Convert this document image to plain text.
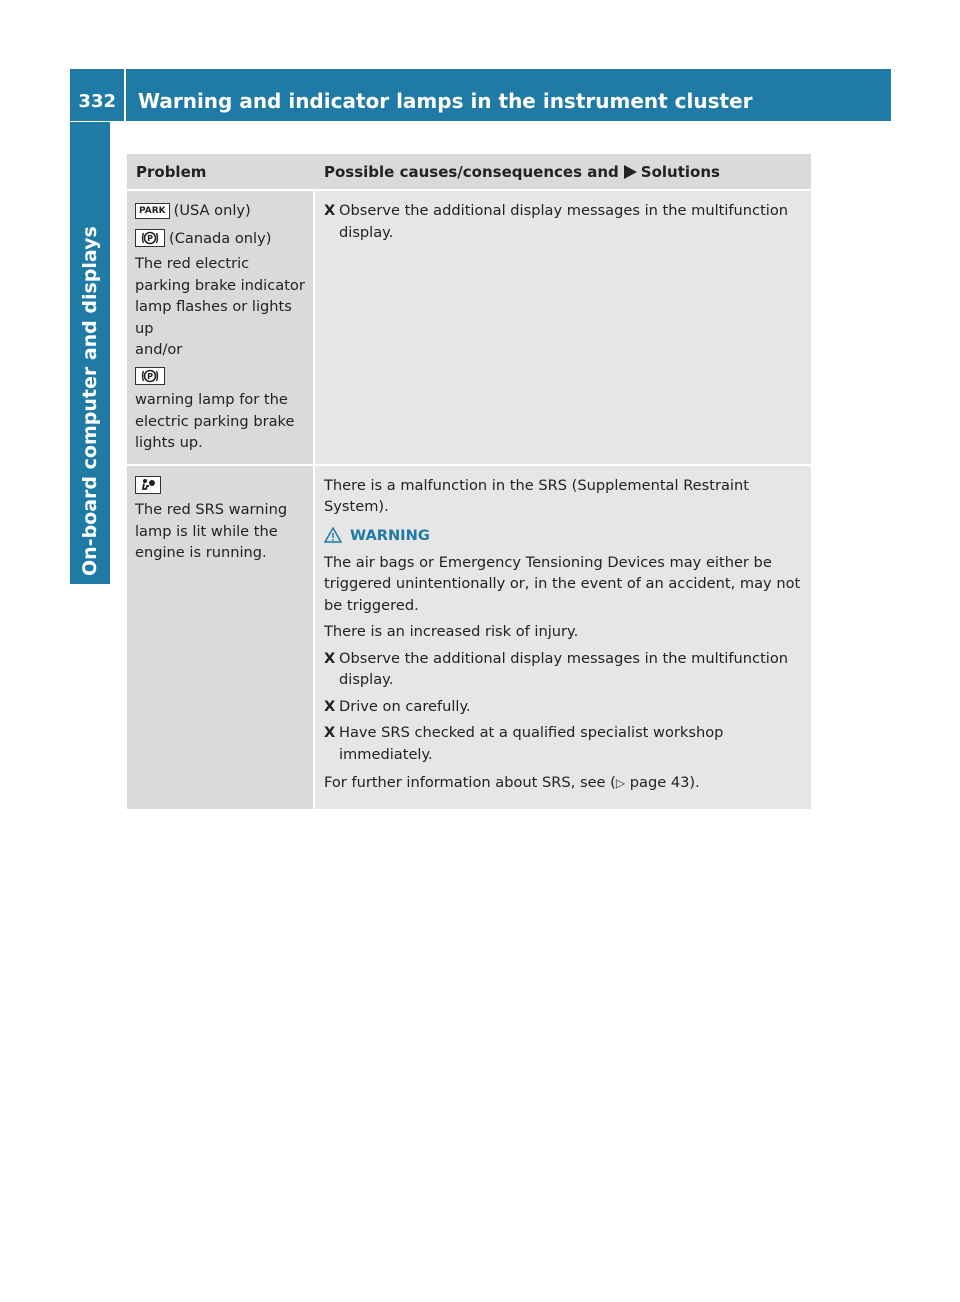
332	Warning and indicator lamps in the instrument cluster
On-board computer and displays
Problem	Possible causes/consequences and Solutions

PARK (USA only)

P (Canada only)

The red electric parking brake indicator lamp flashes or lights up

and/or

P

warning lamp for the electric parking brake lights up.

X Observe the additional display messages in the multifunction display.

The red SRS warning lamp is lit while the engine is running.

There is a malfunction in the SRS (Supplemental Restraint System).

WARNING

The air bags or Emergency Tensioning Devices may either be triggered unintentionally or, in the event of an accident, may not be triggered.

There is an increased risk of injury.

X Observe the additional display messages in the multifunction display.
X Drive on carefully.
X Have SRS checked at a qualified specialist workshop immediately.

For further information about SRS, see (▷ page 43).
